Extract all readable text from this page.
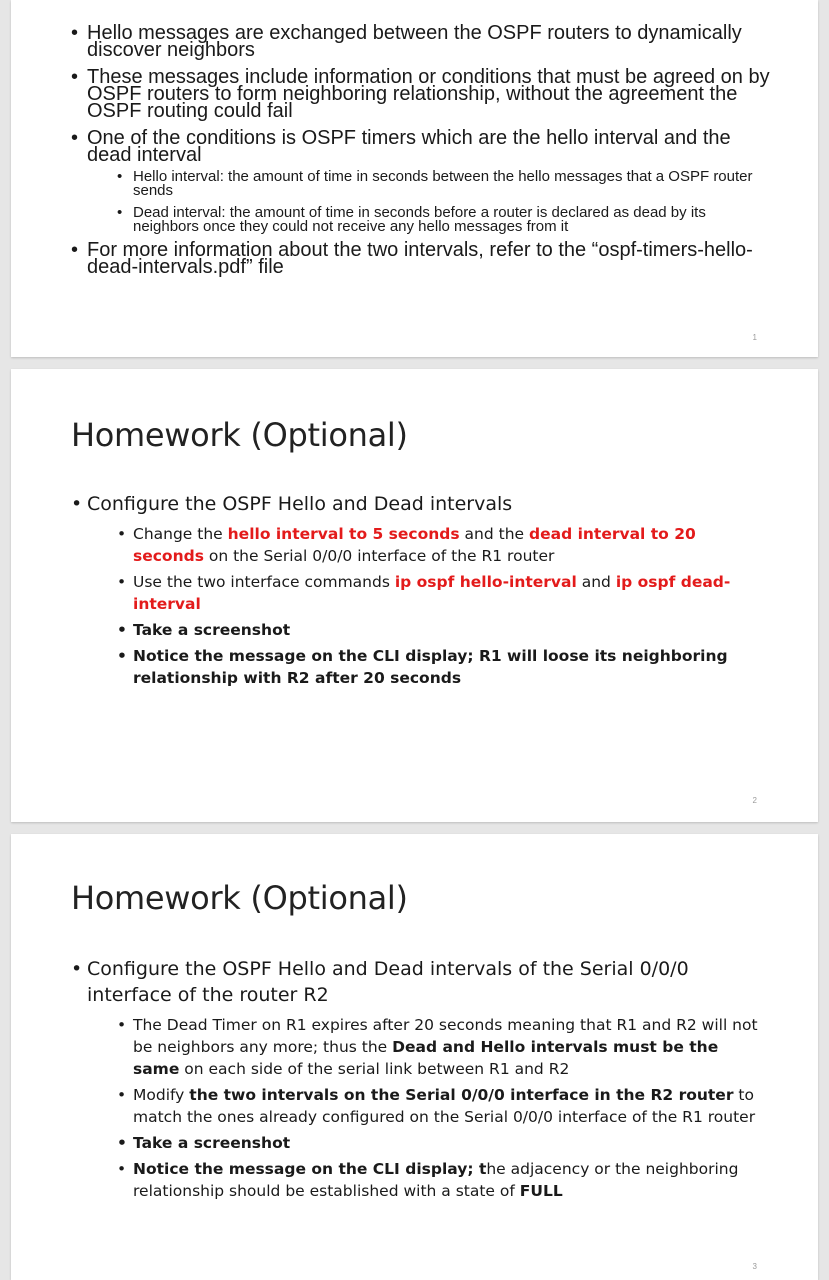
• Hello messages are exchanged between the OSPF routers to dynamically discover neighbors
• These messages include information or conditions that must be agreed on by OSPF routers to form neighboring relationship, without the agreement the OSPF routing could fail
• One of the conditions is OSPF timers which are the hello interval and the dead interval
• Hello interval: the amount of time in seconds between the hello messages that a OSPF router sends
• Dead interval: the amount of time in seconds before a router is declared as dead by its neighbors once they could not receive any hello messages from it
• For more information about the two intervals, refer to the “ospf-timers-hello-dead-intervals.pdf” file
1
Homework (Optional)
• Configure the OSPF Hello and Dead intervals
• Change the hello interval to 5 seconds and the dead interval to 20 seconds on the Serial 0/0/0 interface of the R1 router
• Use the two interface commands ip ospf hello-interval and ip ospf dead-interval
• Take a screenshot
• Notice the message on the CLI display; R1 will loose its neighboring relationship with R2 after 20 seconds
2
Homework (Optional)
• Configure the OSPF Hello and Dead intervals of the Serial 0/0/0 interface of the router R2
• The Dead Timer on R1 expires after 20 seconds meaning that R1 and R2 will not be neighbors any more; thus the Dead and Hello intervals must be the same on each side of the serial link between R1 and R2
• Modify the two intervals on the Serial 0/0/0 interface in the R2 router to match the ones already configured on the Serial 0/0/0 interface of the R1 router
• Take a screenshot
• Notice the message on the CLI display; the adjacency or the neighboring relationship should be established with a state of FULL
3
